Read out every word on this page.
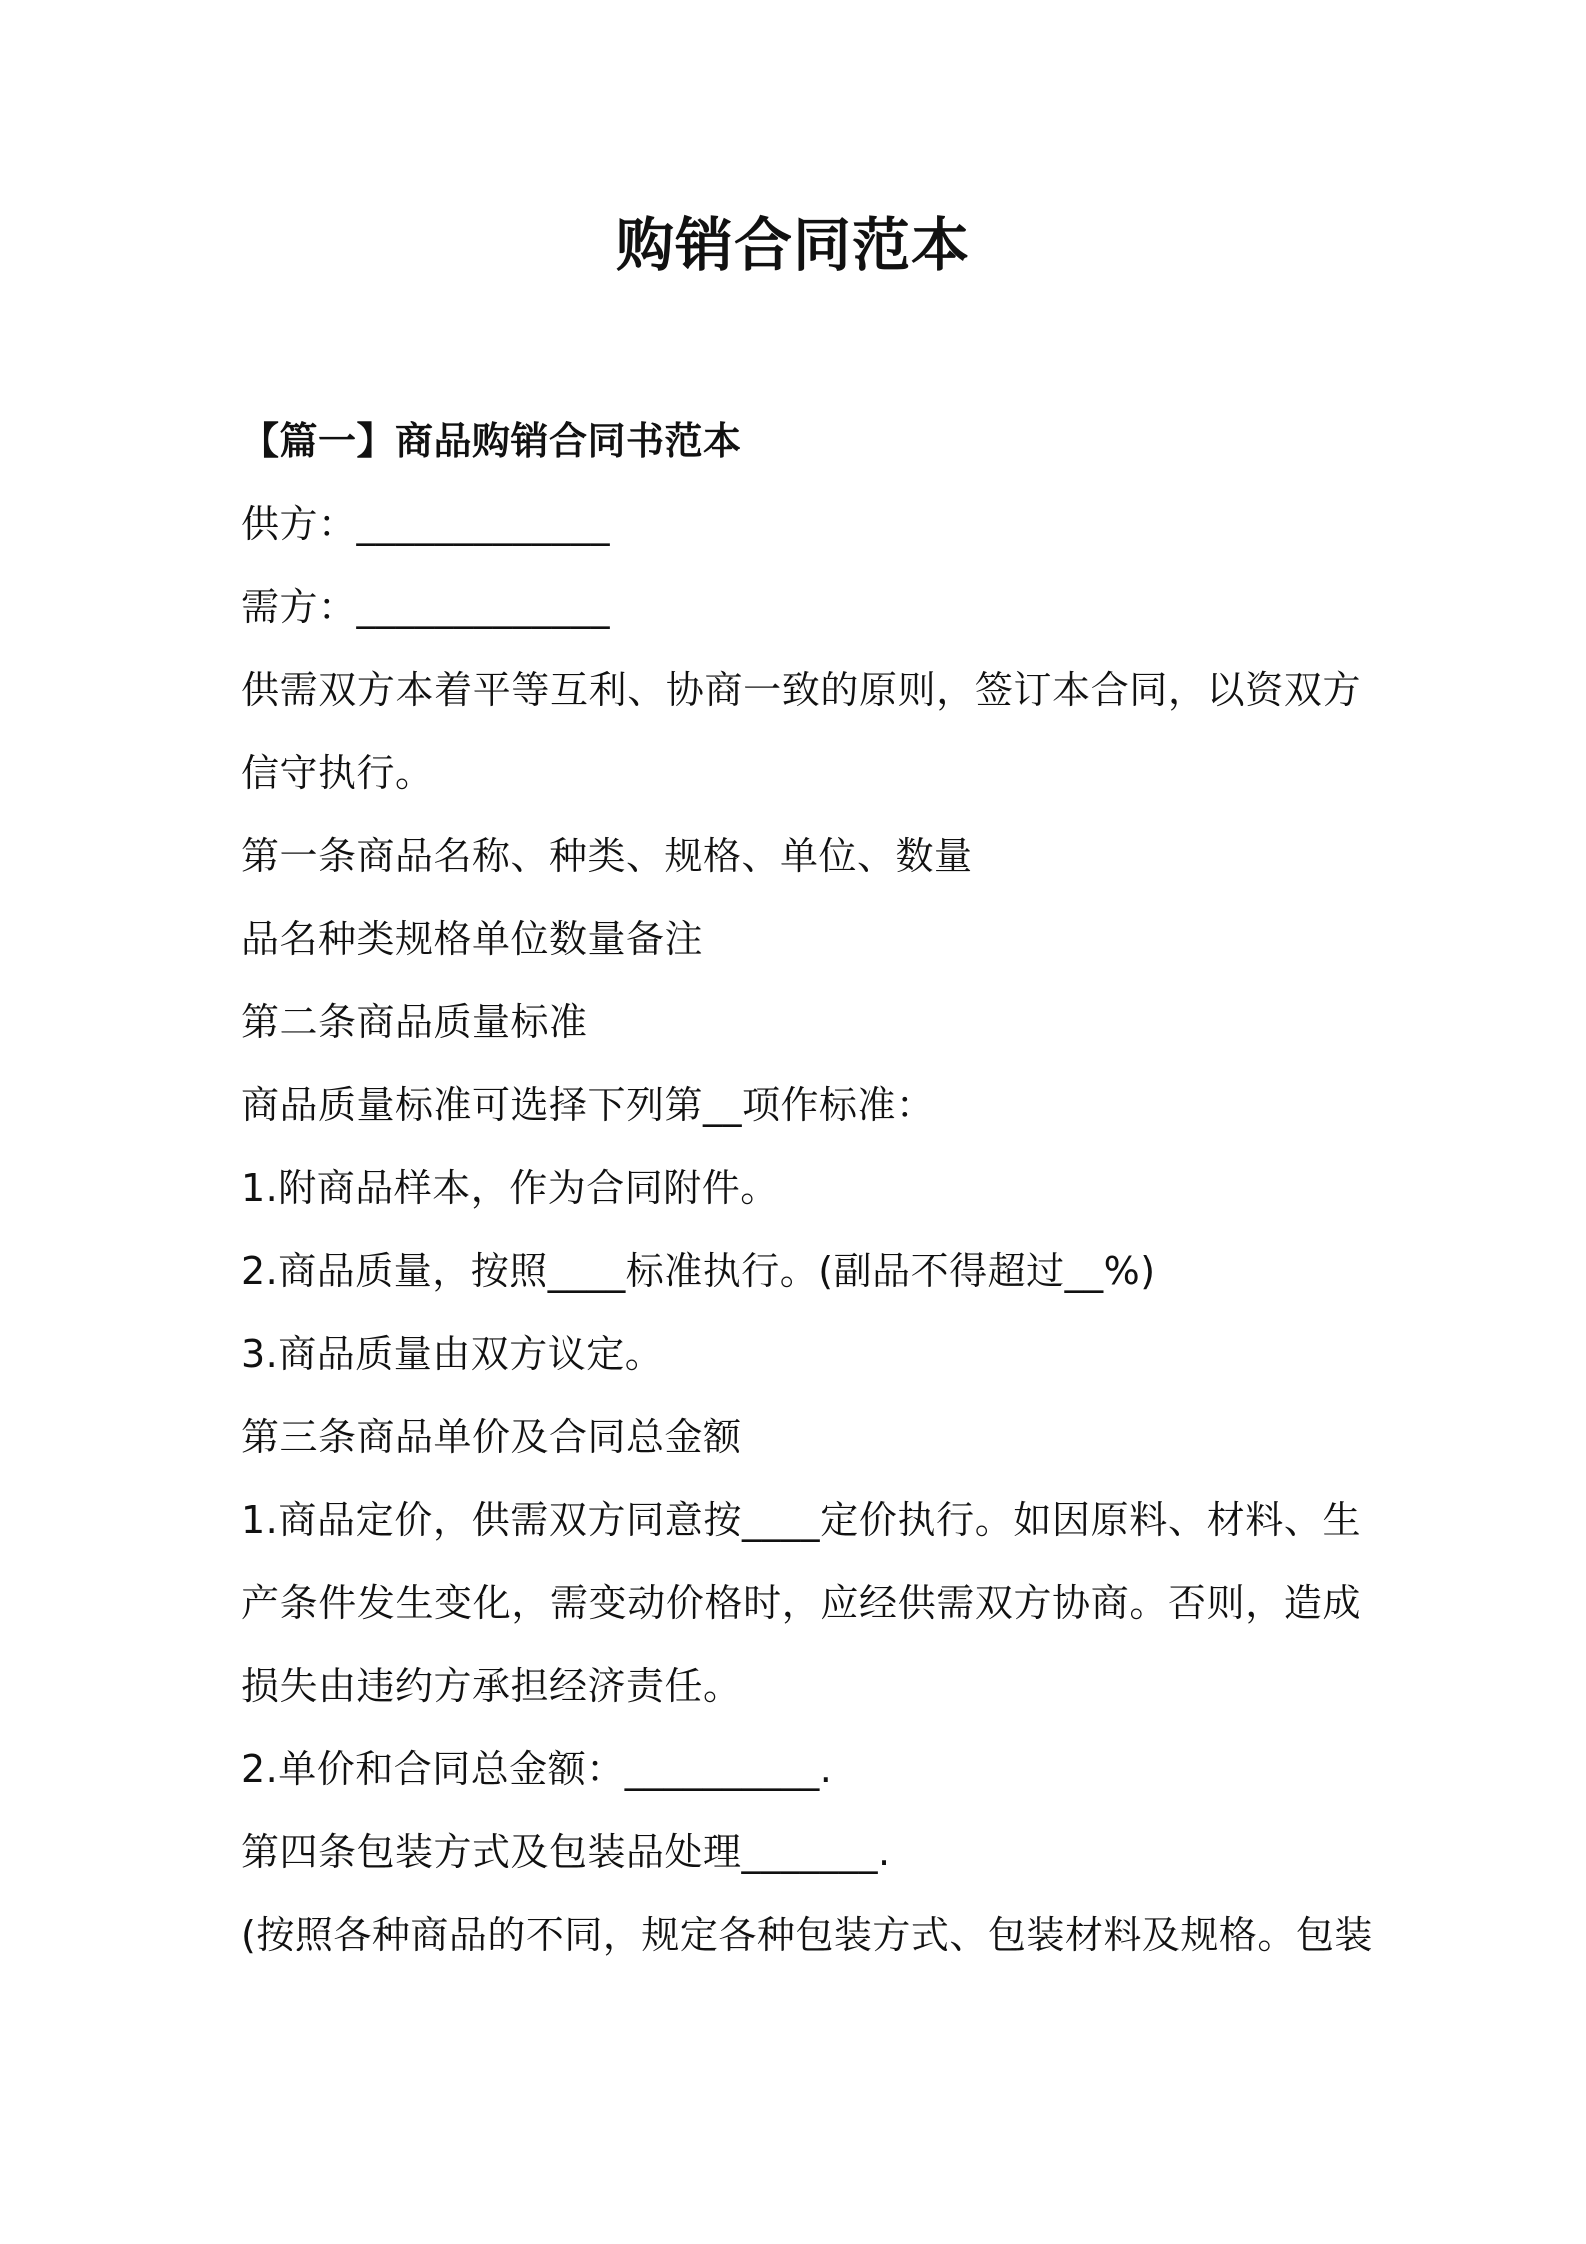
购销合同范本

【篇一】商品购销合同书范本

供方：_____________

需方：_____________

供需双方本着平等互利、协商一致的原则，签订本合同，以资双方信守执行。

第一条商品名称、种类、规格、单位、数量

品名种类规格单位数量备注

第二条商品质量标准

商品质量标准可选择下列第__项作标准：

1.附商品样本，作为合同附件。

2.商品质量，按照____标准执行。(副品不得超过__%)

3.商品质量由双方议定。

第三条商品单价及合同总金额

1.商品定价，供需双方同意按____定价执行。如因原料、材料、生产条件发生变化，需变动价格时，应经供需双方协商。否则，造成损失由违约方承担经济责任。

2.单价和合同总金额：__________.

第四条包装方式及包装品处理_______.

(按照各种商品的不同，规定各种包装方式、包装材料及规格。包装
